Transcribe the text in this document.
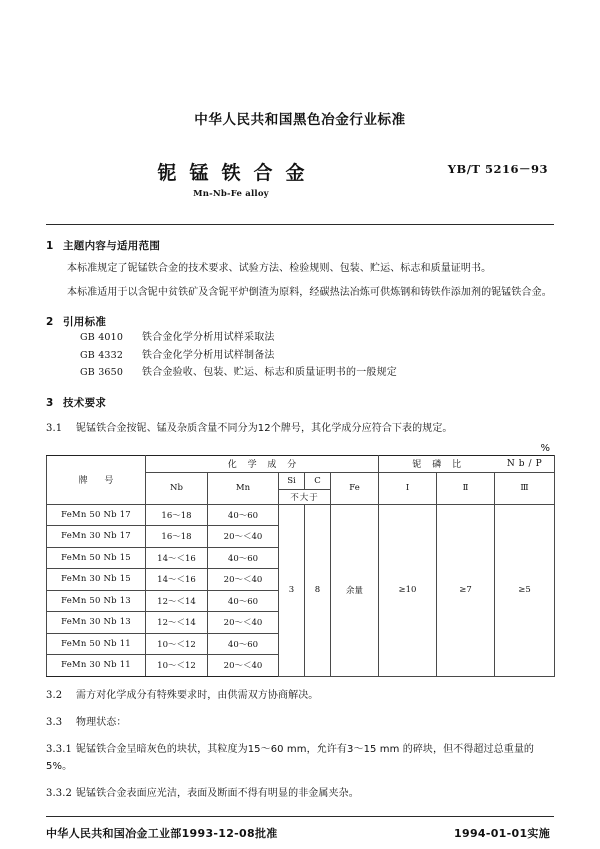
中华人民共和国黑色冶金行业标准
铌锰铁合金	YB/T 5216－93
Mn-Nb-Fe alloy
1 主题内容与适用范围
本标准规定了铌锰铁合金的技术要求、试验方法、检验规则、包装、贮运、标志和质量证明书。
本标准适用于以含铌中贫铁矿及含铌平炉倒渣为原料，经碳热法冶炼可供炼钢和铸铁作添加剂的铌锰铁合金。
2 引用标准
GB 4010 铁合金化学分析用试样采取法
GB 4332 铁合金化学分析用试样制备法
GB 3650 铁合金验收、包装、贮运、标志和质量证明书的一般规定
3 技术要求
3.1 铌锰铁合金按铌、锰及杂质含量不同分为12个牌号，其化学成分应符合下表的规定。
%
牌 号	化 学 成 分					铌 磷 比		Nb/P
	Nb	Mn	Si	C	Fe	Ⅰ	Ⅱ	Ⅲ
			不大于					
FeMn 50 Nb 17	16～18	40～60	3	8	余量	≥10	≥7	≥5
FeMn 30 Nb 17	16～18	20～＜40						
FeMn 50 Nb 15	14～＜16	40～60						
FeMn 30 Nb 15	14～＜16	20～＜40						
FeMn 50 Nb 13	12～＜14	40～60						
FeMn 30 Nb 13	12～＜14	20～＜40						
FeMn 50 Nb 11	10～＜12	40～60						
FeMn 30 Nb 11	10～＜12	20～＜40						
3.2 需方对化学成分有特殊要求时，由供需双方协商解决。
3.3 物理状态：
3.3.1 铌锰铁合金呈暗灰色的块状，其粒度为15～60 mm，允许有3～15 mm 的碎块，但不得超过总重量的5%。
3.3.2 铌锰铁合金表面应光洁，表面及断面不得有明显的非金属夹杂。
中华人民共和国冶金工业部1993-12-08批准	1994-01-01实施
